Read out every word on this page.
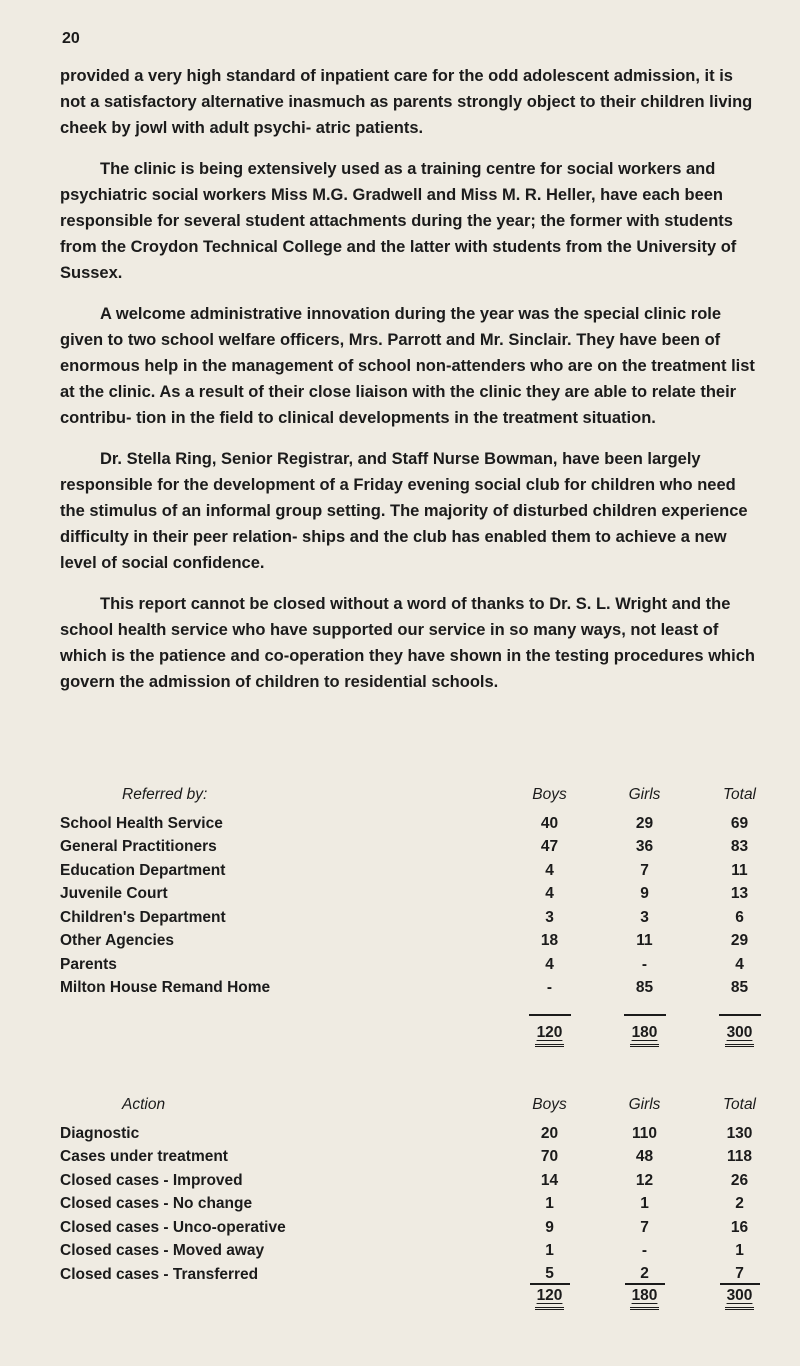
20

provided a very high standard of inpatient care for the odd adolescent admission, it is not a satisfactory alternative inasmuch as parents strongly object to their children living cheek by jowl with adult psychi- atric patients.

The clinic is being extensively used as a training centre for social workers and psychiatric social workers Miss M.G. Gradwell and Miss M. R. Heller, have each been responsible for several student attachments during the year; the former with students from the Croydon Technical College and the latter with students from the University of Sussex.

A welcome administrative innovation during the year was the special clinic role given to two school welfare officers, Mrs. Parrott and Mr. Sinclair. They have been of enormous help in the management of school non-attenders who are on the treatment list at the clinic. As a result of their close liaison with the clinic they are able to relate their contribu- tion in the field to clinical developments in the treatment situation.

Dr. Stella Ring, Senior Registrar, and Staff Nurse Bowman, have been largely responsible for the development of a Friday evening social club for children who need the stimulus of an informal group setting. The majority of disturbed children experience difficulty in their peer relation- ships and the club has enabled them to achieve a new level of social confidence.

This report cannot be closed without a word of thanks to Dr. S. L. Wright and the school health service who have supported our service in so many ways, not least of which is the patience and co-operation they have shown in the testing procedures which govern the admission of children to residential schools.

Referred by:	Boys	Girls	Total
School Health Service	40	29	69
General Practitioners	47	36	83
Education Department	4	7	11
Juvenile Court	4	9	13
Children's Department	3	3	6
Other Agencies	18	11	29
Parents	4	-	4
Milton House Remand Home	-	85	85

	120	180	300
Action	Boys	Girls	Total
Diagnostic	20	110	130
Cases under treatment	70	48	118
Closed cases - Improved	14	12	26
Closed cases - No change	1	1	2
Closed cases - Unco-operative	9	7	16
Closed cases - Moved away	1	-	1
Closed cases - Transferred	5	2	7
	120	180	300
